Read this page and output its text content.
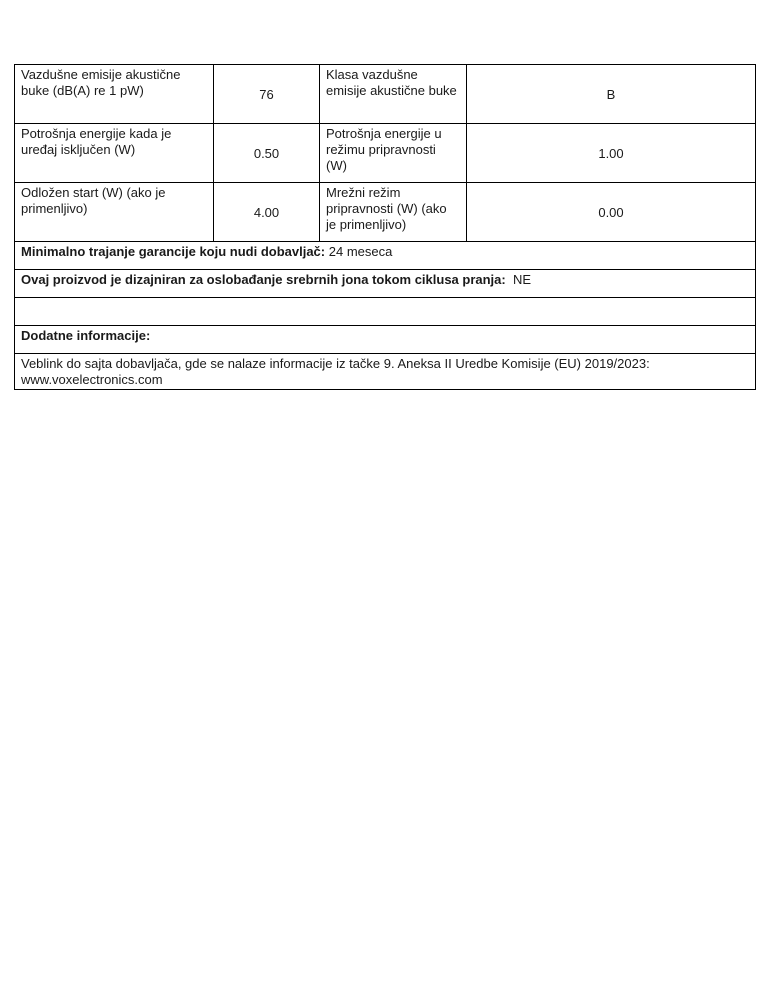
Vazdušne emisije akustične buke (dB(A) re 1 pW)	76	Klasa vazdušne emisije akustične buke	B
Potrošnja energije kada je uređaj isključen (W)	0.50	Potrošnja energije u režimu pripravnosti (W)	1.00
Odložen start (W) (ako je primenljivo)	4.00	Mrežni režim pripravnosti (W) (ako je primenljivo)	0.00
Minimalno trajanje garancije koju nudi dobavljač: 24 meseca			
Ovaj proizvod je dizajniran za oslobađanje srebrnih jona tokom ciklusa pranja: NE			

Dodatne informacije:			
Veblink do sajta dobavljača, gde se nalaze informacije iz tačke 9. Aneksa II Uredbe Komisije (EU) 2019/2023:
www.voxelectronics.com			
